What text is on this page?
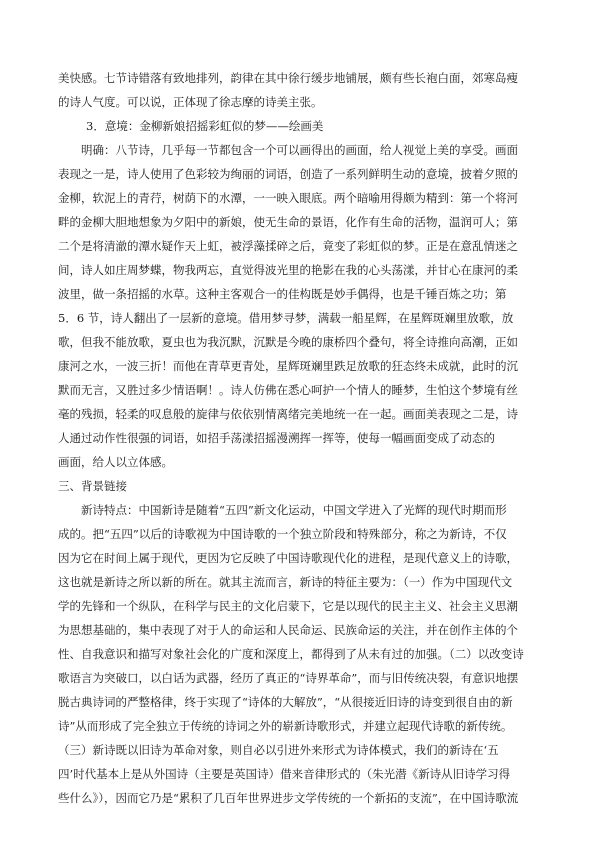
美快感。七节诗错落有致地排列，韵律在其中徐行缓步地铺展，颇有些长袍白面，郊寒岛瘦
的诗人气度。可以说，正体现了徐志摩的诗美主张。
3．意境：金柳新娘招摇彩虹似的梦——绘画美
明确：八节诗，几乎每一节都包含一个可以画得出的画面，给人视觉上美的享受。画面
表现之一是，诗人使用了色彩较为绚丽的词语，创造了一系列鲜明生动的意境，披着夕照的
金柳，软泥上的青荇，树荫下的水潭，一一映入眼底。两个暗喻用得颇为精到：第一个将河
畔的金柳大胆地想象为夕阳中的新娘，使无生命的景语，化作有生命的活物，温润可人；第
二个是将清澈的潭水疑作天上虹，被浮藻揉碎之后，竟变了彩虹似的梦。正是在意乱情迷之
间，诗人如庄周梦蝶，物我两忘，直觉得波光里的艳影在我的心头荡漾，并甘心在康河的柔
波里，做一条招摇的水草。这种主客观合一的佳构既是妙手偶得，也是千锤百炼之功；第
5．6 节，诗人翻出了一层新的意境。借用梦寻梦，满载一船星辉，在星辉斑斓里放歌，放
歌，但我不能放歌，夏虫也为我沉默，沉默是今晚的康桥四个叠句，将全诗推向高潮，正如
康河之水，一波三折！而他在青草更青处，星辉斑斓里跌足放歌的狂态终未成就，此时的沉
默而无言，又胜过多少情语啊！。诗人仿佛在悉心呵护一个情人的睡梦，生怕这个梦境有丝
毫的残损，轻柔的叹息般的旋律与依依别情离绪完美地统一在一起。画面美表现之二是，诗
人通过动作性很强的词语，如招手荡漾招摇漫溯挥一挥等，使每一幅画面变成了动态的
画面，给人以立体感。
三、背景链接
新诗特点：中国新诗是随着“五四”新文化运动，中国文学进入了光辉的现代时期而形
成的。把“五四”以后的诗歌视为中国诗歌的一个独立阶段和特殊部分，称之为新诗，不仅
因为它在时间上属于现代，更因为它反映了中国诗歌现代化的进程，是现代意义上的诗歌，
这也就是新诗之所以新的所在。就其主流而言，新诗的特征主要为：（一）作为中国现代文
学的先锋和一个纵队，在科学与民主的文化启蒙下，它是以现代的民主主义、社会主义思潮
为思想基础的，集中表现了对于人的命运和人民命运、民族命运的关注，并在创作主体的个
性、自我意识和描写对象社会化的广度和深度上，都得到了从未有过的加强。（二）以改变诗
歌语言为突破口，以白话为武器，经历了真正的“诗界革命”，而与旧传统决裂，有意识地摆
脱古典诗词的严整格律，终于实现了“诗体的大解放”，“从很接近旧诗的诗变到很自由的新
诗”从而形成了完全独立于传统的诗词之外的崭新诗歌形式，并建立起现代诗歌的新传统。
（三）新诗既以旧诗为革命对象，则自必以引进外来形式为诗体模式，我们的新诗在‘五
四’时代基本上是从外国诗（主要是英国诗）借来音律形式的（朱光潜《新诗从旧诗学习得
些什么》），因而它乃是“累积了几百年世界进步文学传统的一个新拓的支流”，在中国诗歌流
